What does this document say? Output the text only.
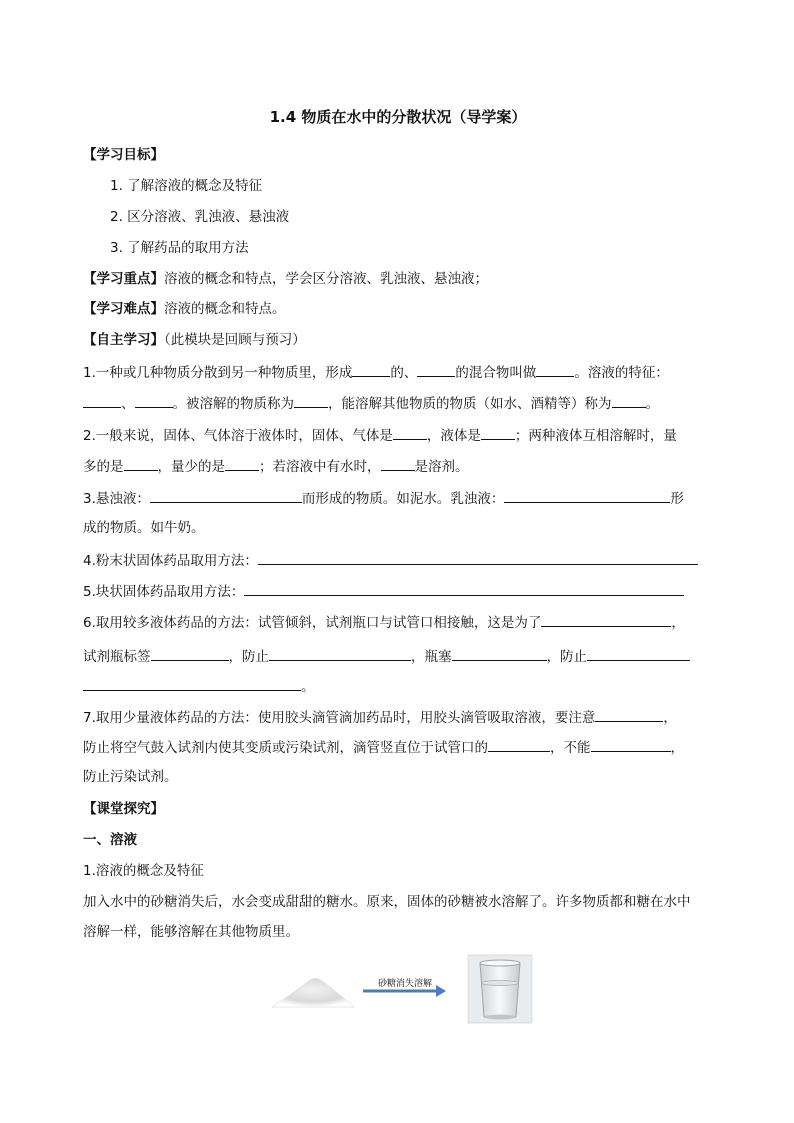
1.4 物质在水中的分散状况（导学案）
【学习目标】
1. 了解溶液的概念及特征
2. 区分溶液、乳浊液、悬浊液
3. 了解药品的取用方法
【学习重点】溶液的概念和特点，学会区分溶液、乳浊液、悬浊液；
【学习难点】溶液的概念和特点。
【自主学习】（此模块是回顾与预习）
1.一种或几种物质分散到另一种物质里，形成	的、	的混合物叫做	。溶液的特征：
、	。被溶解的物质称为	，能溶解其他物质的物质（如水、酒精等）称为	。
2.一般来说，固体、气体溶于液体时，固体、气体是	，液体是	；两种液体互相溶解时，量
多的是	，量少的是	；若溶液中有水时，	是溶剂。
3.悬浊液：	而形成的物质。如泥水。乳浊液：	形
成的物质。如牛奶。
4.粉末状固体药品取用方法：
5.块状固体药品取用方法：
6.取用较多液体药品的方法：试管倾斜，试剂瓶口与试管口相接触，这是为了	，
试剂瓶标签	，防止	，瓶塞	，防止
。
7.取用少量液体药品的方法：使用胶头滴管滴加药品时，用胶头滴管吸取溶液，要注意	，
防止将空气鼓入试剂内使其变质或污染试剂，滴管竖直位于试管口的	，不能	，
防止污染试剂。
【课堂探究】
一、溶液
1.溶液的概念及特征
加入水中的砂糖消失后，水会变成甜甜的糖水。原来，固体的砂糖被水溶解了。许多物质都和糖在水中
溶解一样，能够溶解在其他物质里。
砂糖消失溶解
